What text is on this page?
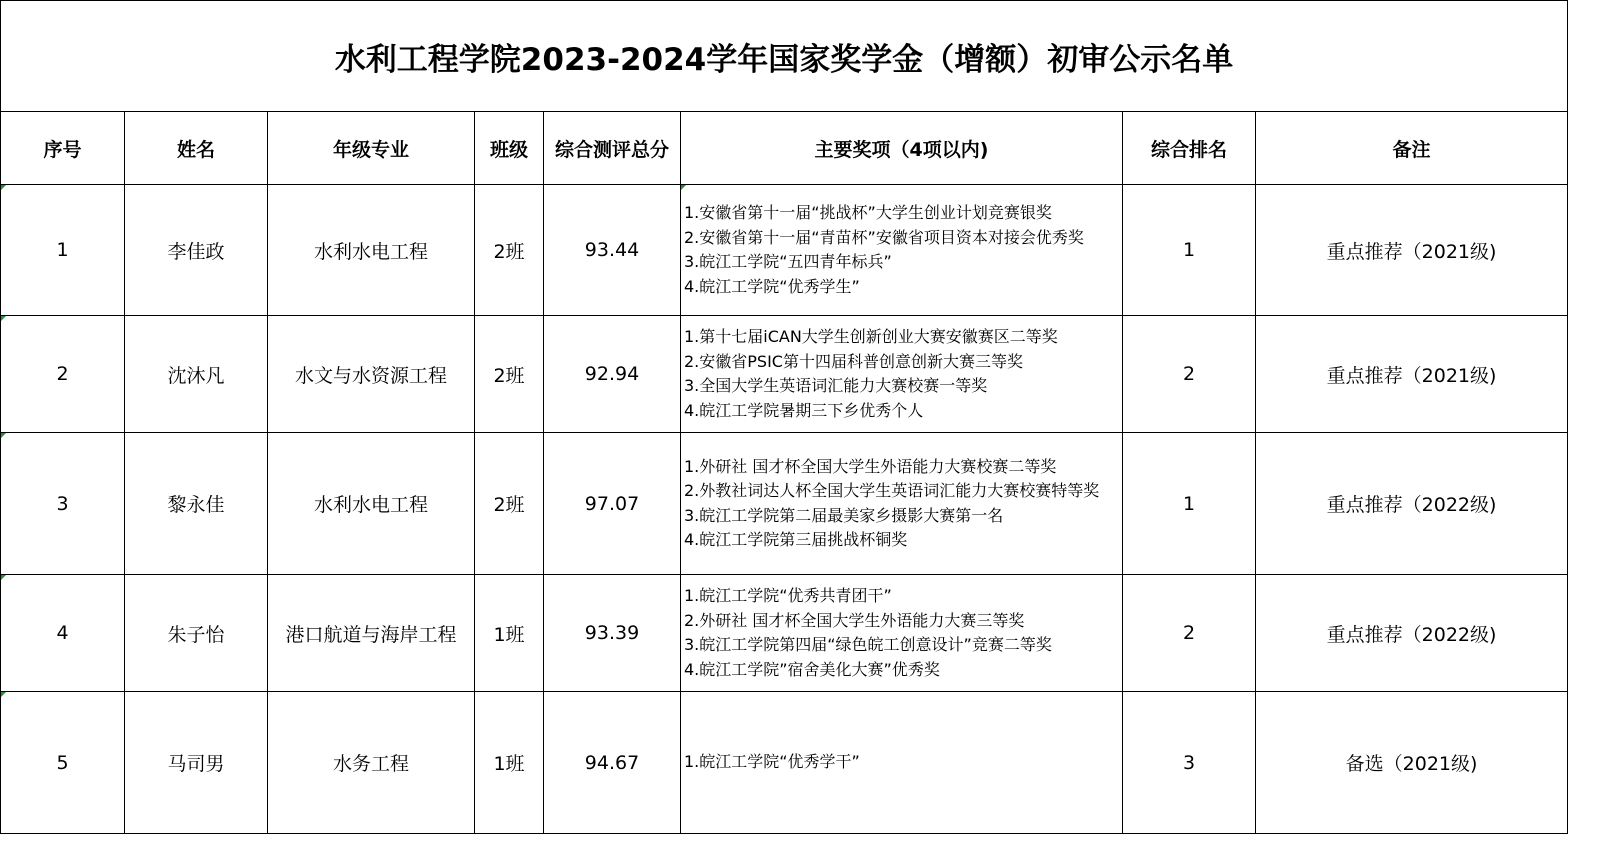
水利工程学院2023-2024学年国家奖学金（增额）初审公示名单							
序号	姓名	年级专业	班级	综合测评总分	主要奖项（4项以内)	综合排名	备注

1	李佳政	水利水电工程	2班	93.44	1.安徽省第十一届“挑战杯”大学生创业计划竞赛银奖
2.安徽省第十一届“青苗杯”安徽省项目资本对接会优秀奖
3.皖江工学院“五四青年标兵”
4.皖江工学院“优秀学生”	1	重点推荐（2021级)

2	沈沐凡	水文与水资源工程	2班	92.94	1.第十七届iCAN大学生创新创业大赛安徽赛区二等奖
2.安徽省PSIC第十四届科普创意创新大赛三等奖
3.全国大学生英语词汇能力大赛校赛一等奖
4.皖江工学院暑期三下乡优秀个人	2	重点推荐（2021级)

3	黎永佳	水利水电工程	2班	97.07	1.外研社 国才杯全国大学生外语能力大赛校赛二等奖
2.外教社词达人杯全国大学生英语词汇能力大赛校赛特等奖
3.皖江工学院第二届最美家乡摄影大赛第一名
4.皖江工学院第三届挑战杯铜奖	1	重点推荐（2022级)

4	朱子怡	港口航道与海岸工程	1班	93.39	1.皖江工学院“优秀共青团干”
2.外研社 国才杯全国大学生外语能力大赛三等奖
3.皖江工学院第四届“绿色皖工创意设计”竞赛二等奖
4.皖江工学院”宿舍美化大赛”优秀奖	2	重点推荐（2022级)

5	马司男	水务工程	1班	94.67	1.皖江工学院“优秀学干”	3	备选（2021级)
